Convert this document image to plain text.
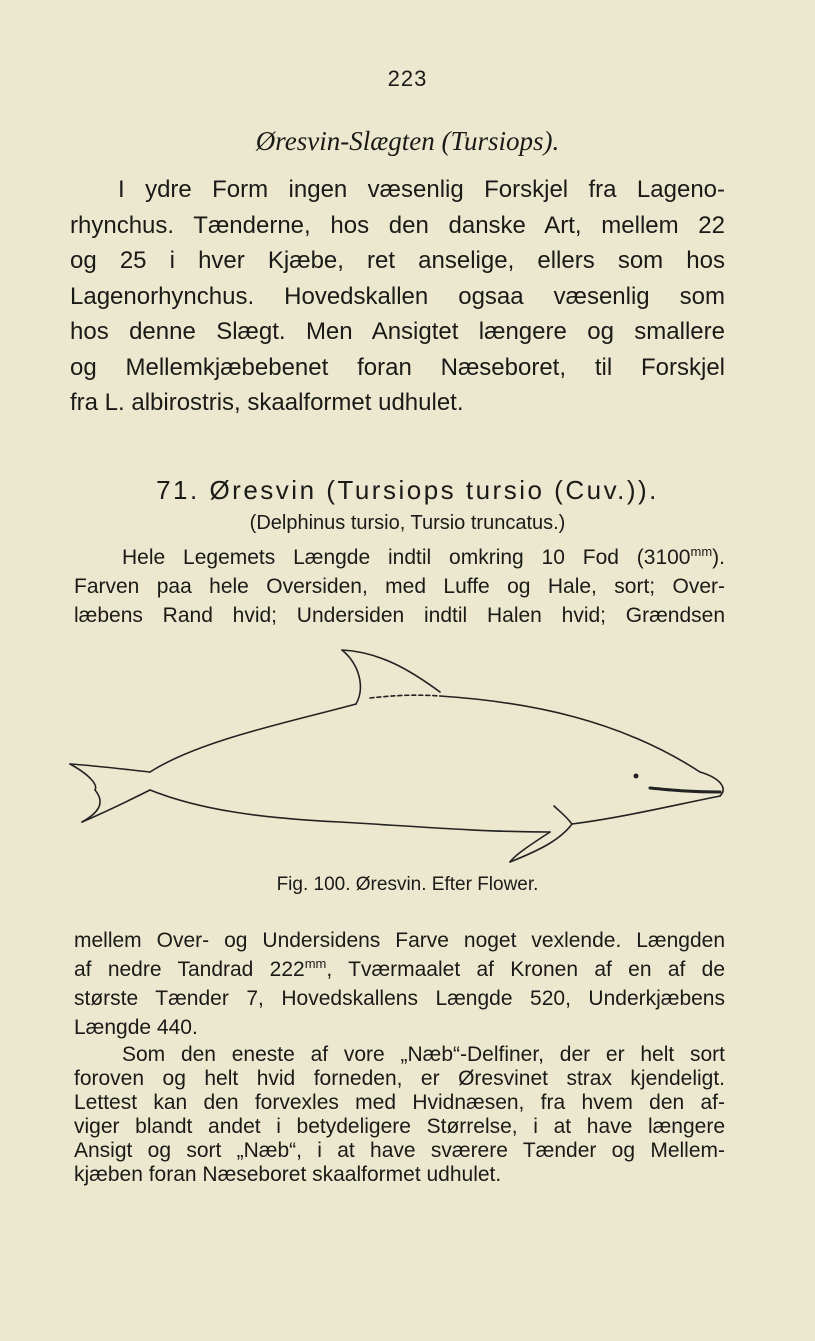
223
Øresvin-Slægten (Tursiops).
I ydre Form ingen væsenlig Forskjel fra Lageno-
rhynchus. Tænderne, hos den danske Art, mellem 22
og 25 i hver Kjæbe, ret anselige, ellers som hos
Lagenorhynchus. Hovedskallen ogsaa væsenlig som
hos denne Slægt. Men Ansigtet længere og smallere
og Mellemkjæbebenet foran Næseboret, til Forskjel
fra L. albirostris, skaalformet udhulet.
71. Øresvin (Tursiops tursio (Cuv.)).
(Delphinus tursio, Tursio truncatus.)
Hele Legemets Længde indtil omkring 10 Fod $(3100^{mm})$.
Farven paa hele Oversiden, med Luffe og Hale, sort; Over-
læbens Rand hvid; Undersiden indtil Halen hvid; Grændsen
Fig. 100. Øresvin. Efter Flower.
mellem Over- og Undersidens Farve noget vexlende. Længden
af nedre Tandrad $222^{mm}$, Tværmaalet af Kronen af en af de
største Tænder 7, Hovedskallens Længde 520, Underkjæbens
Længde 440.
Som den eneste af vore „Næb“-Delfiner, der er helt sort
foroven og helt hvid forneden, er Øresvinet strax kjendeligt.
Lettest kan den forvexles med Hvidnæsen, fra hvem den af-
viger blandt andet i betydeligere Størrelse, i at have længere
Ansigt og sort „Næb“, i at have sværere Tænder og Mellem-
kjæben foran Næseboret skaalformet udhulet.
